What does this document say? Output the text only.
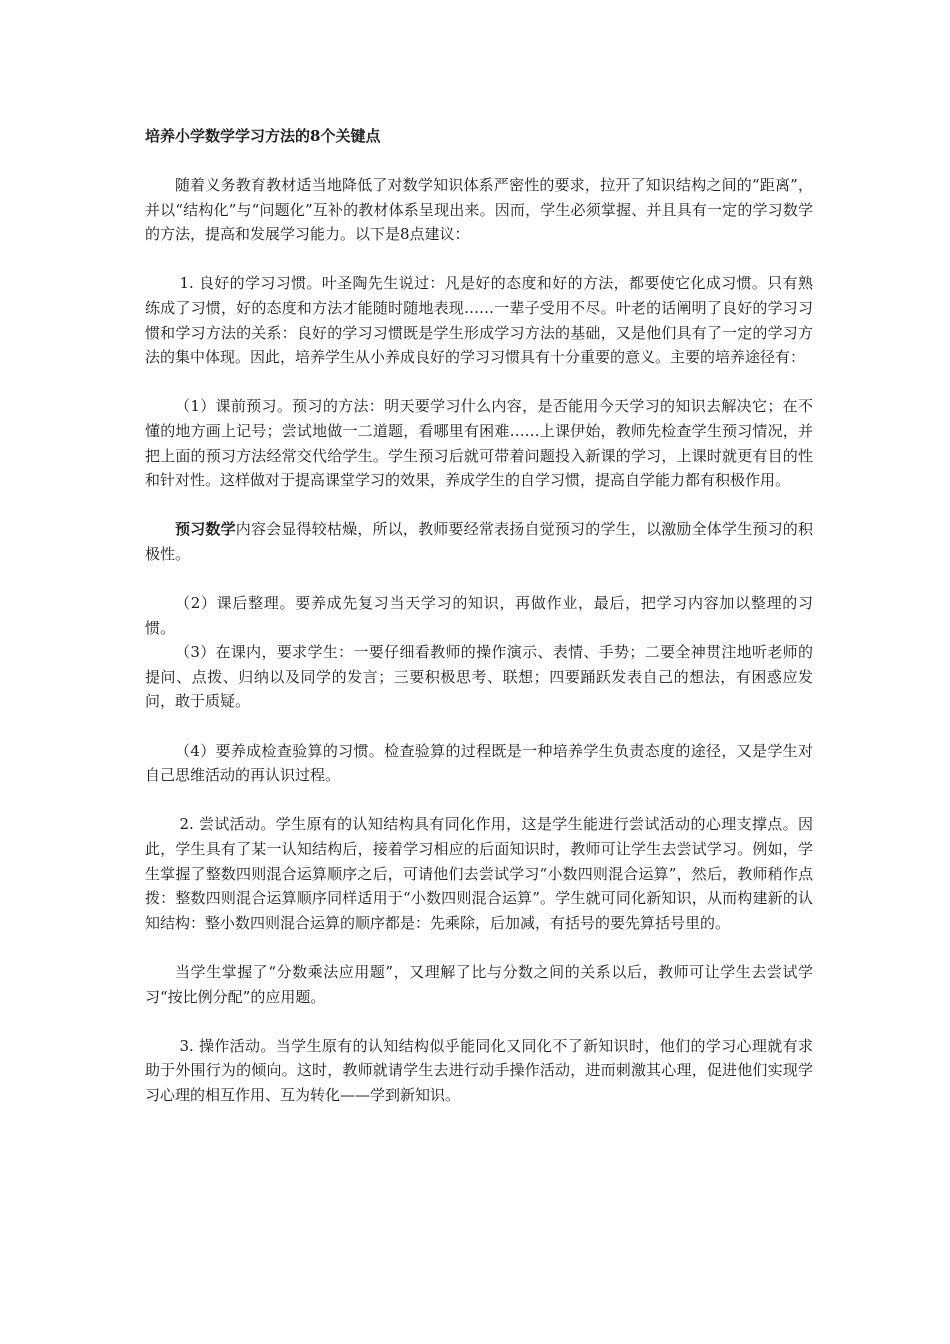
培养小学数学学习方法的8个关键点

随着义务教育教材适当地降低了对数学知识体系严密性的要求，拉开了知识结构之间的“距离”，并以“结构化”与“问题化”互补的教材体系呈现出来。因而，学生必须掌握、并且具有一定的学习数学的方法，提高和发展学习能力。以下是8点建议：

1. 良好的学习习惯。叶圣陶先生说过：凡是好的态度和好的方法，都要使它化成习惯。只有熟练成了习惯，好的态度和方法才能随时随地表现……一辈子受用不尽。叶老的话阐明了良好的学习习惯和学习方法的关系：良好的学习习惯既是学生形成学习方法的基础，又是他们具有了一定的学习方法的集中体现。因此，培养学生从小养成良好的学习习惯具有十分重要的意义。主要的培养途径有：

（1）课前预习。预习的方法：明天要学习什么内容，是否能用今天学习的知识去解决它；在不懂的地方画上记号；尝试地做一二道题，看哪里有困难……上课伊始，教师先检查学生预习情况，并把上面的预习方法经常交代给学生。学生预习后就可带着问题投入新课的学习，上课时就更有目的性和针对性。这样做对于提高课堂学习的效果，养成学生的自学习惯，提高自学能力都有积极作用。

预习数学内容会显得较枯燥，所以，教师要经常表扬自觉预习的学生，以激励全体学生预习的积极性。

（2）课后整理。要养成先复习当天学习的知识，再做作业，最后，把学习内容加以整理的习惯。

（3）在课内，要求学生：一要仔细看教师的操作演示、表情、手势；二要全神贯注地听老师的提问、点拨、归纳以及同学的发言；三要积极思考、联想；四要踊跃发表自己的想法，有困惑应发问，敢于质疑。

（4）要养成检查验算的习惯。检查验算的过程既是一种培养学生负责态度的途径，又是学生对自己思维活动的再认识过程。

2. 尝试活动。学生原有的认知结构具有同化作用，这是学生能进行尝试活动的心理支撑点。因此，学生具有了某一认知结构后，接着学习相应的后面知识时，教师可让学生去尝试学习。例如，学生掌握了整数四则混合运算顺序之后，可请他们去尝试学习“小数四则混合运算”，然后，教师稍作点拨：整数四则混合运算顺序同样适用于“小数四则混合运算”。学生就可同化新知识，从而构建新的认知结构：整小数四则混合运算的顺序都是：先乘除，后加减，有括号的要先算括号里的。

当学生掌握了“分数乘法应用题”，又理解了比与分数之间的关系以后，教师可让学生去尝试学习“按比例分配”的应用题。

3. 操作活动。当学生原有的认知结构似乎能同化又同化不了新知识时，他们的学习心理就有求助于外围行为的倾向。这时，教师就请学生去进行动手操作活动，进而刺激其心理，促进他们实现学习心理的相互作用、互为转化——学到新知识。
